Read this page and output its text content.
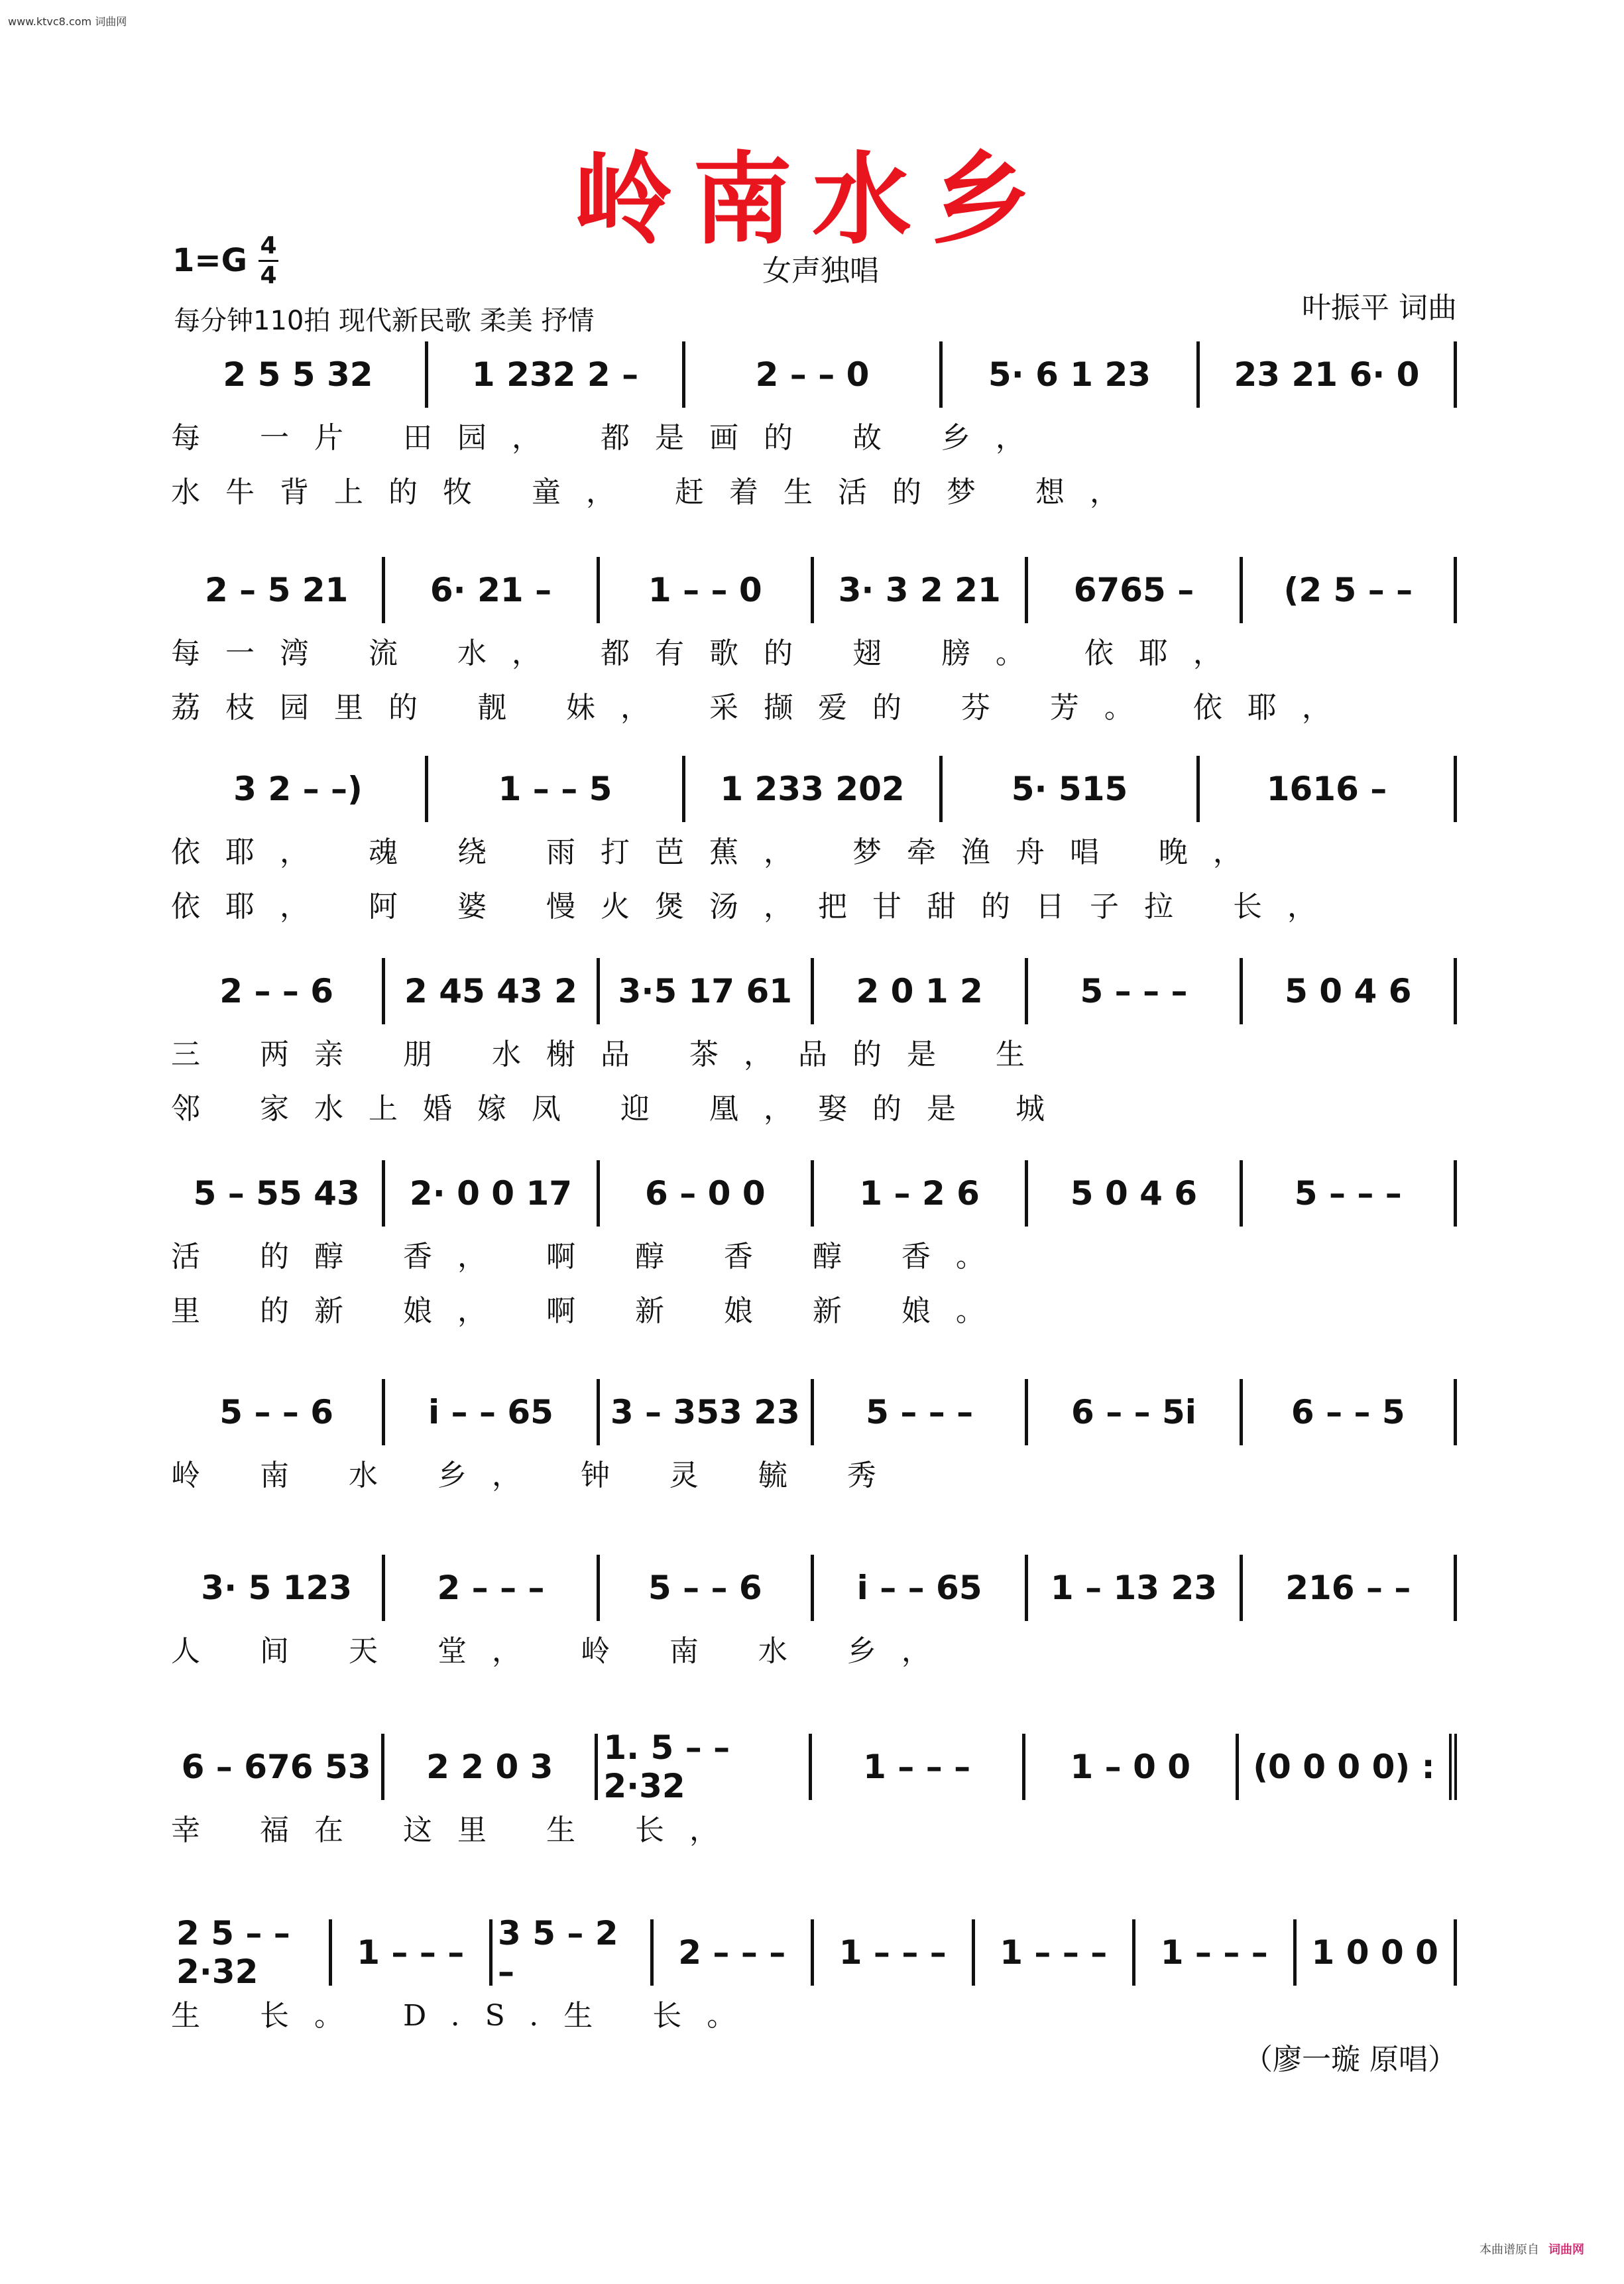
www.ktvc8.com 词曲网
岭南水乡
1=G 4
4	女声独唱
每分钟110拍 现代新民歌 柔美 抒情	叶振平 词曲
2 5 5 32	1 232 2 –	2 – – 0	5· 6 1 23	23 21 6· 0
每 一片 田园， 都是画的 故 乡，
水牛背上的牧 童， 赶着生活的梦 想，
2 – 5 21	6· 21 –	1 – – 0	3· 3 2 21	6765 –	(2 5 – –
每一湾 流 水， 都有歌的 翅 膀。 依耶，
荔枝园里的 靓 妹， 采撷爱的 芬 芳。 依耶，
3 2 – –)	1 – – 5	1 233 202	5· 515	1616 –
依耶， 魂 绕 雨打芭蕉， 梦牵渔舟唱 晚，
依耶， 阿 婆 慢火煲汤，把甘甜的日子拉 长，
2 – – 6	2 45 43 2	3·5 17 61	2 0 1 2	5 – – –	5 0 4 6
三 两亲 朋 水榭品 茶，品的是 生
邻 家水上婚嫁凤 迎 凰，娶的是 城
5 – 55 43	2· 0 0 17	6 – 0 0	1 – 2 6	5 0 4 6	5 – – –
活 的醇 香， 啊 醇 香 醇 香。
里 的新 娘， 啊 新 娘 新 娘。
5 – – 6	i – – 65	3 – 353 23	5 – – –	6 – – 5i	6 – – 5
岭 南 水 乡， 钟 灵 毓 秀
3· 5 123	2 – – –	5 – – 6	i – – 65	1 – 13 23	216 – –
人 间 天 堂， 岭 南 水 乡，
6 – 676 53	2 2 0 3	1. 5 – – 2·32	1 – – –	1 – 0 0	(0 0 0 0) :
幸 福在 这里 生 长，
2 5 – – 2·32	1 – – –	3 5 – 2 –	2 – – –	1 – – –	1 – – –	1 – – –	1 0 0 0
生 长。 D.S.生 长。
（廖一璇 原唱）
本曲谱原自 词曲网
